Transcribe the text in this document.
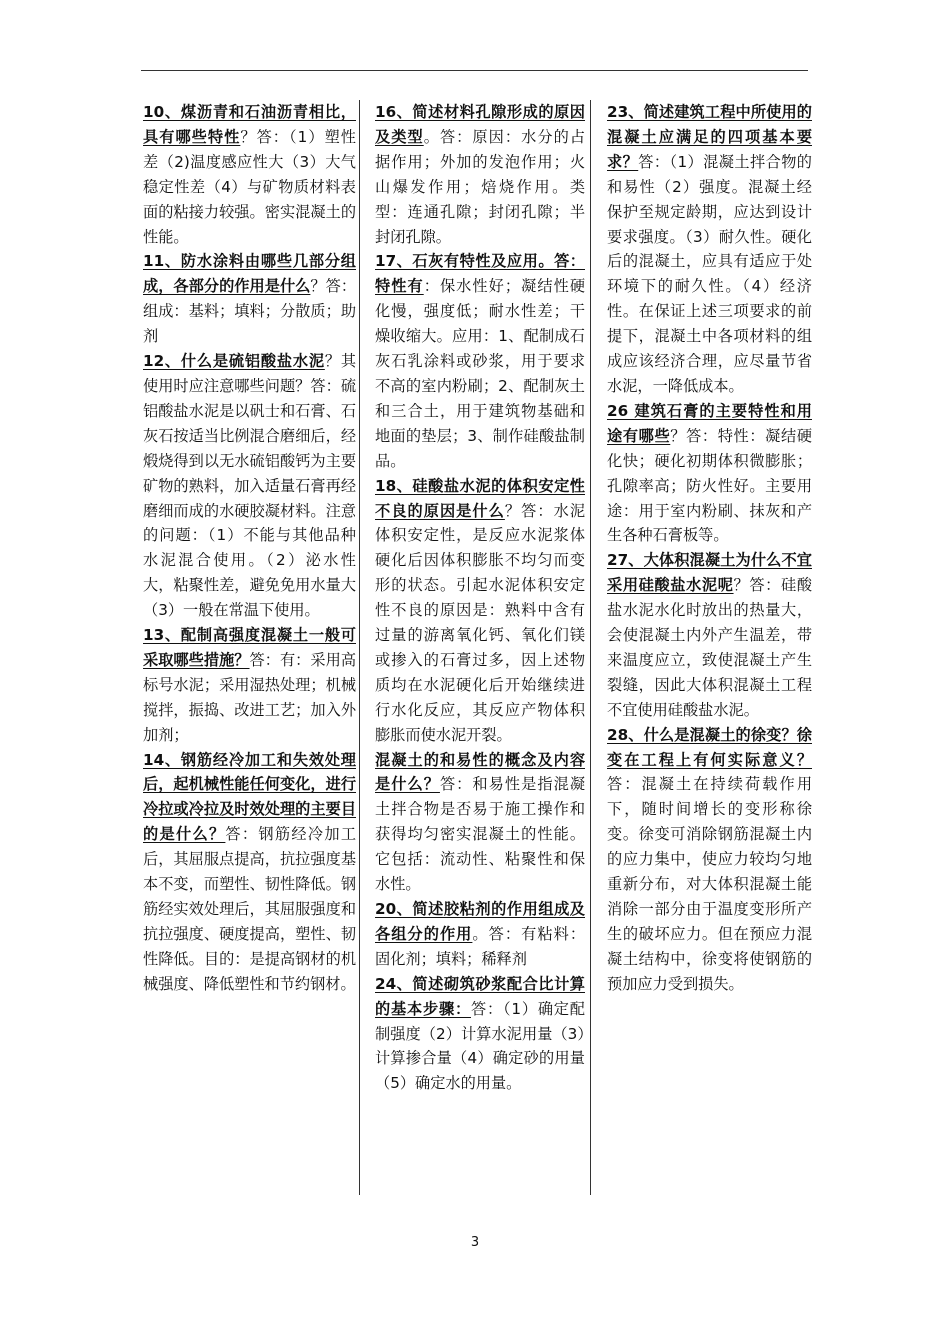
10、煤沥青和石油沥青相比，具有哪些特性？答：（1）塑性差（2)温度感应性大（3）大气稳定性差（4）与矿物质材料表面的粘接力较强。密实混凝土的性能。

11、防水涂料由哪些几部分组成，各部分的作用是什么？答：组成：基料；填料；分散质；助剂

12、什么是硫铝酸盐水泥？其使用时应注意哪些问题？答：硫铝酸盐水泥是以矾士和石膏、石灰石按适当比例混合磨细后，经煅烧得到以无水硫铝酸钙为主要矿物的熟料，加入适量石膏再经磨细而成的水硬胶凝材料。注意的问题：（1）不能与其他品种水泥混合使用。（2）泌水性大，粘聚性差，避免免用水量大（3）一般在常温下使用。

13、配制高强度混凝土一般可采取哪些措施？答：有：采用高标号水泥；采用湿热处理；机械搅拌，振捣、改进工艺；加入外加剂；

14、钢筋经冷加工和失效处理后，起机械性能任何变化，进行冷拉或冷拉及时效处理的主要目的是什么？答：钢筋经冷加工后，其屈服点提高，抗拉强度基本不变，而塑性、韧性降低。钢筋经实效处理后，其屈服强度和抗拉强度、硬度提高，塑性、韧性降低。目的：是提高钢材的机械强度、降低塑性和节约钢材。

16、简述材料孔隙形成的原因及类型。答：原因：水分的占据作用；外加的发泡作用；火山爆发作用；焙烧作用。类型：连通孔隙；封闭孔隙；半封闭孔隙。

17、石灰有特性及应用。答：特性有：保水性好；凝结性硬化慢，强度低；耐水性差；干燥收缩大。应用：1、配制成石灰石乳涂料或砂浆，用于要求不高的室内粉刷；2、配制灰土和三合土，用于建筑物基础和地面的垫层；3、制作硅酸盐制品。

18、硅酸盐水泥的体积安定性不良的原因是什么？答：水泥体积安定性，是反应水泥浆体硬化后因体积膨胀不均匀而变形的状态。引起水泥体积安定性不良的原因是：熟料中含有过量的游离氧化钙、氧化们镁或掺入的石膏过多，因上述物质均在水泥硬化后开始继续进行水化反应，其反应产物体积膨胀而使水泥开裂。

混凝土的和易性的概念及内容是什么？答：和易性是指混凝土拌合物是否易于施工操作和获得均匀密实混凝土的性能。它包括：流动性、粘聚性和保水性。

20、简述胶粘剂的作用组成及各组分的作用。答：有粘料：固化剂；填料；稀释剂

24、简述砌筑砂浆配合比计算的基本步骤：答：（1）确定配制强度（2）计算水泥用量（3）计算掺合量（4）确定砂的用量（5）确定水的用量。

23、简述建筑工程中所使用的混凝土应满足的四项基本要求？答：（1）混凝土拌合物的和易性（2）强度。混凝土经保护至规定龄期，应达到设计要求强度。（3）耐久性。硬化后的混凝土，应具有适应于处环境下的耐久性。（4）经济性。在保证上述三项要求的前提下，混凝土中各项材料的组成应该经济合理，应尽量节省水泥，一降低成本。

26 建筑石膏的主要特性和用途有哪些？答：特性：凝结硬化快；硬化初期体积微膨胀；孔隙率高；防火性好。主要用途：用于室内粉刷、抹灰和产生各种石膏板等。

27、大体积混凝土为什么不宜采用硅酸盐水泥呢？答：硅酸盐水泥水化时放出的热量大，会使混凝土内外产生温差，带来温度应立，致使混凝土产生裂缝，因此大体积混凝土工程不宜使用硅酸盐水泥。

28、什么是混凝土的徐变？徐变在工程上有何实际意义？答：混凝土在持续荷载作用下，随时间增长的变形称徐变。徐变可消除钢筋混凝土内的应力集中，使应力较均匀地重新分布，对大体积混凝土能消除一部分由于温度变形所产生的破坏应力。但在预应力混凝土结构中，徐变将使钢筋的预加应力受到损失。

3
